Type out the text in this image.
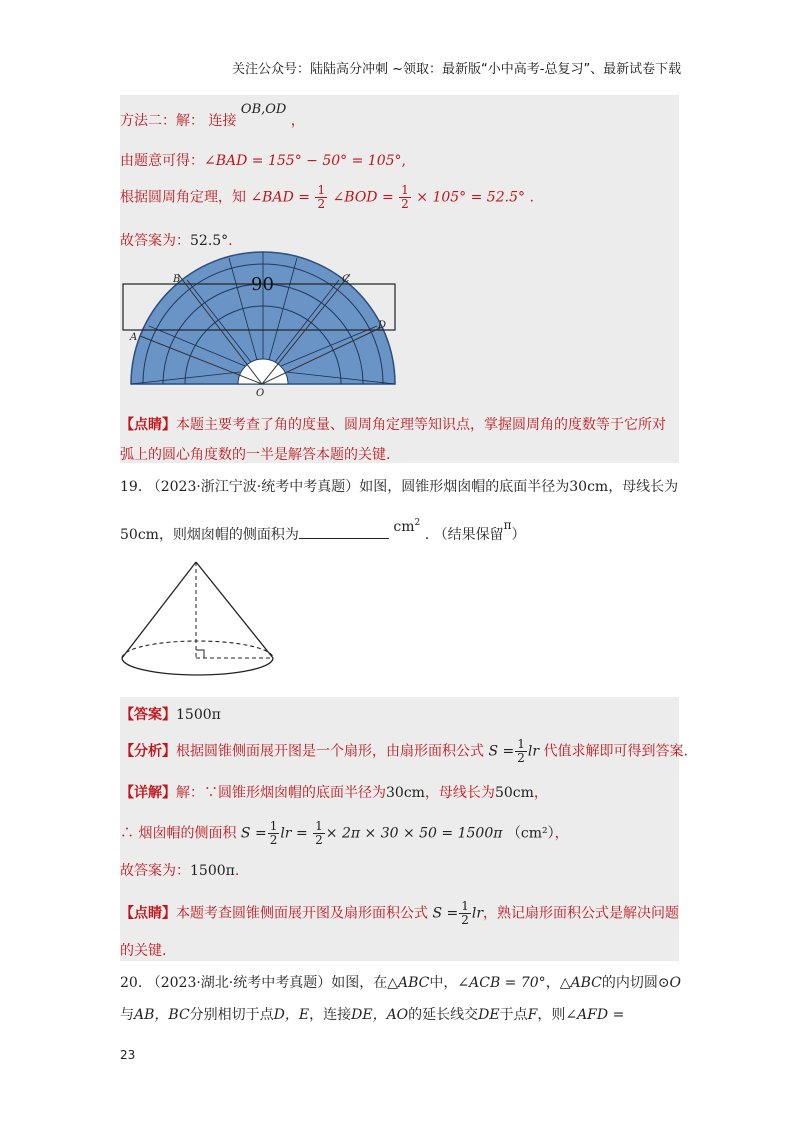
关注公众号：陆陆高分冲刺 ~领取：最新版“小中高考-总复习”、最新试卷下载
方法二：解： 连接 OB,OD ，
由题意可得：∠BAD = 155° − 50° = 105°,
根据圆周角定理，知 ∠BAD = $\frac{1}{2}$ ∠BOD = $\frac{1}{2} \times 105^\circ = 52.5^\circ$ .
故答案为：52.5°.
90
A
B	C
D
O
【点睛】本题主要考查了角的度量、圆周角定理等知识点，掌握圆周角的度数等于它所对
弧上的圆心角度数的一半是解答本题的关键.
19. （2023·浙江宁波·统考中考真题）如图，圆锥形烟囱帽的底面半径为30cm，母线长为
50cm，则烟囱帽的侧面积为	$cm^2$ . （结果保留π）
【答案】1500π
【分析】根据圆锥侧面展开图是一个扇形，由扇形面积公式 $S = \frac{1}{2}$ lr 代值求解即可得到答案.
【详解】解：∵圆锥形烟囱帽的底面半径为30cm，母线长为50cm，
∴ 烟囱帽的侧面积 $S = \frac{1}{2}$ lr = $\frac{1}{2} \times 2\pi \times 30 \times 50 = 1500\pi$ （cm²），
故答案为：1500π.
【点睛】本题考查圆锥侧面展开图及扇形面积公式 $S = \frac{1}{2}$ lr，熟记扇形面积公式是解决问题
的关键.
20. （2023·湖北·统考中考真题）如图，在△ABC中，∠ACB = 70°，△ABC的内切圆⊙O
与AB，BC分别相切于点D，E，连接DE，AO的延长线交DE于点F，则∠AFD =
23
